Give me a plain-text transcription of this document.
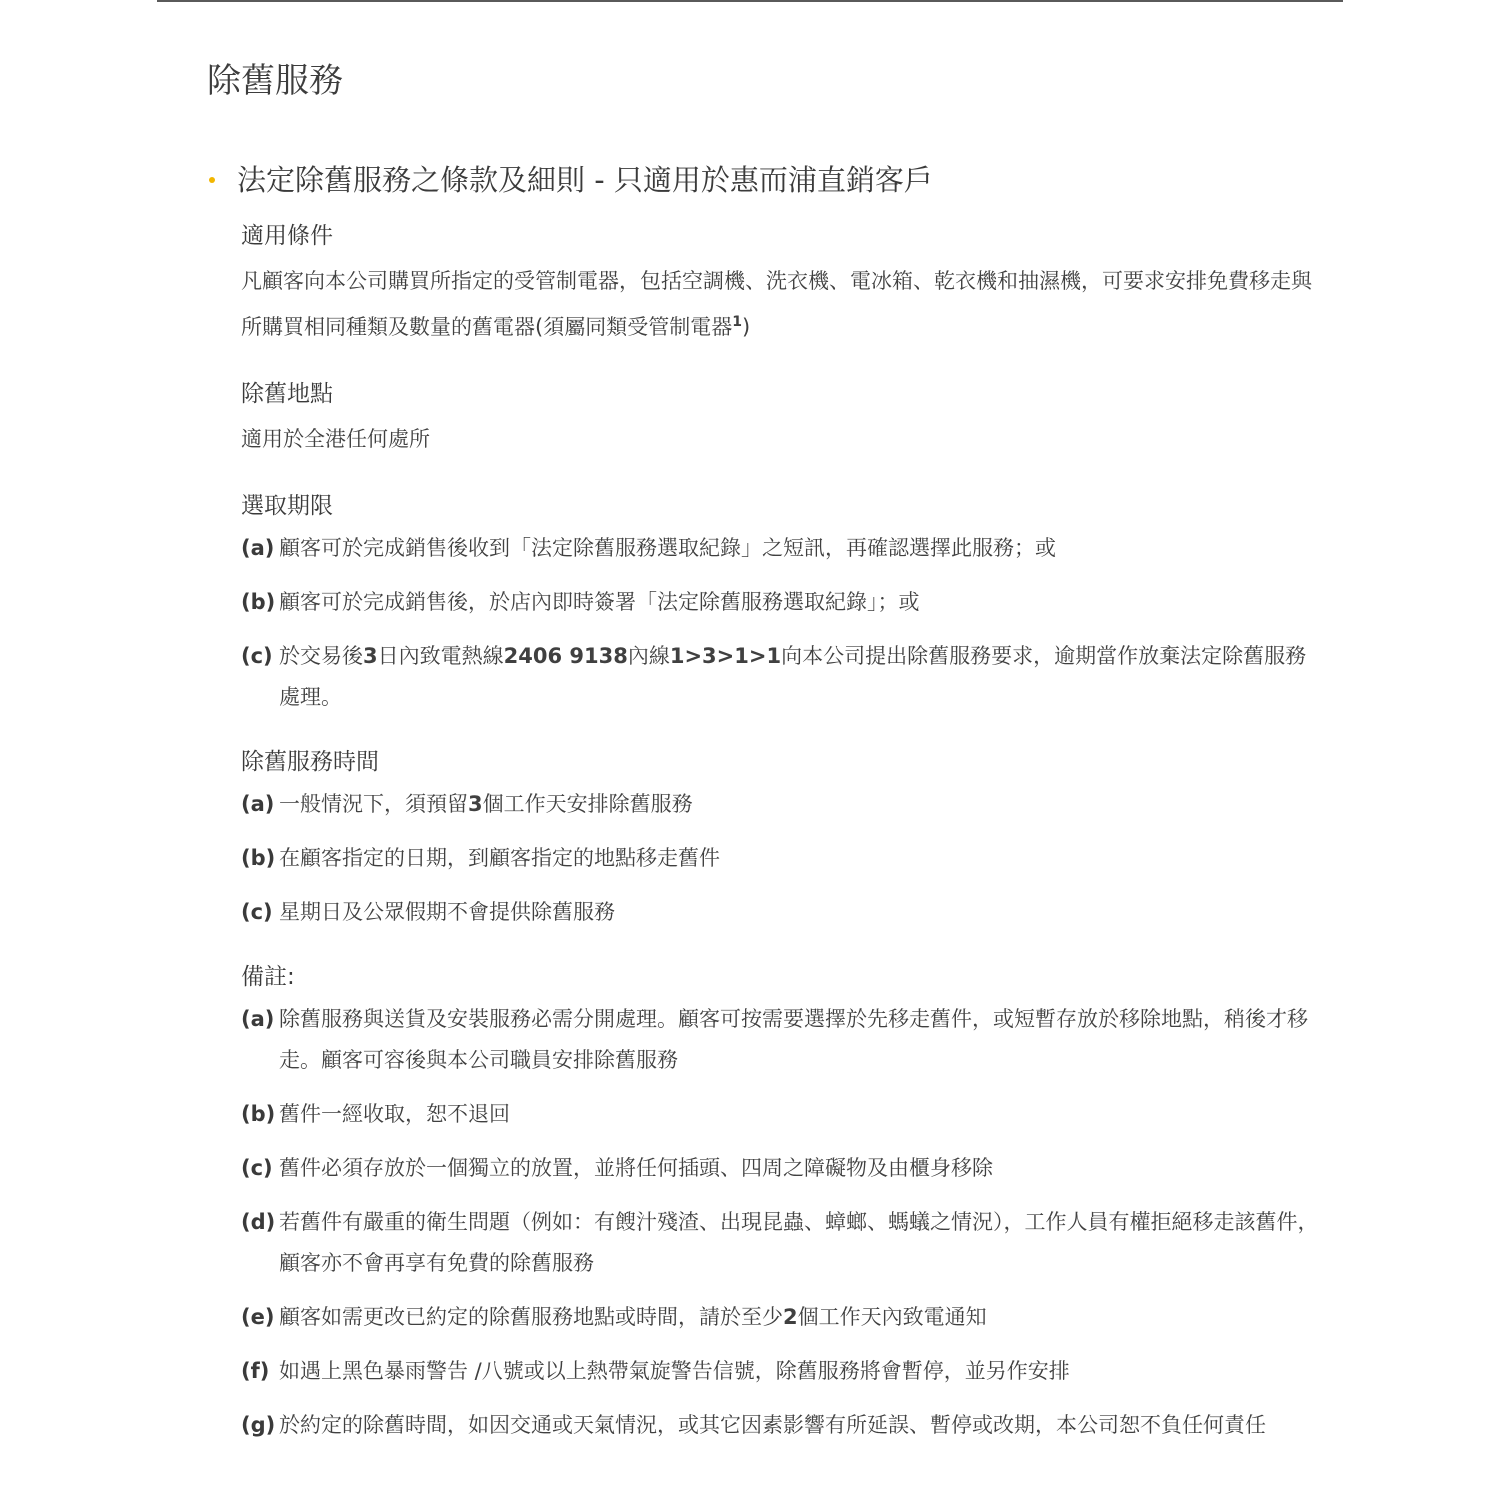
除舊服務
法定除舊服務之條款及細則 - 只適用於惠而浦直銷客戶
適用條件
凡顧客向本公司購買所指定的受管制電器，包括空調機、洗衣機、電冰箱、乾衣機和抽濕機，可要求安排免費移走與所購買相同種類及數量的舊電器(須屬同類受管制電器$^1$)
除舊地點
適用於全港任何處所
選取期限
(a) 顧客可於完成銷售後收到「法定除舊服務選取紀錄」之短訊，再確認選擇此服務；或
(b) 顧客可於完成銷售後，於店內即時簽署「法定除舊服務選取紀錄」；或
(c) 於交易後3日內致電熱線2406 9138內線1>3>1>1向本公司提出除舊服務要求，逾期當作放棄法定除舊服務處理。
除舊服務時間
(a) 一般情況下，須預留3個工作天安排除舊服務
(b) 在顧客指定的日期，到顧客指定的地點移走舊件
(c) 星期日及公眾假期不會提供除舊服務
備註:
(a) 除舊服務與送貨及安裝服務必需分開處理。顧客可按需要選擇於先移走舊件，或短暫存放於移除地點，稍後才移走。顧客可容後與本公司職員安排除舊服務
(b) 舊件一經收取，恕不退回
(c) 舊件必須存放於一個獨立的放置，並將任何插頭、四周之障礙物及由櫃身移除
(d) 若舊件有嚴重的衛生問題（例如：有餿汁殘渣、出現昆蟲、蟑螂、螞蟻之情況），工作人員有權拒絕移走該舊件，顧客亦不會再享有免費的除舊服務
(e) 顧客如需更改已約定的除舊服務地點或時間，請於至少2個工作天內致電通知
(f) 如遇上黑色暴雨警告 /八號或以上熱帶氣旋警告信號，除舊服務將會暫停，並另作安排
(g) 於約定的除舊時間，如因交通或天氣情況，或其它因素影響有所延誤、暫停或改期，本公司恕不負任何責任
